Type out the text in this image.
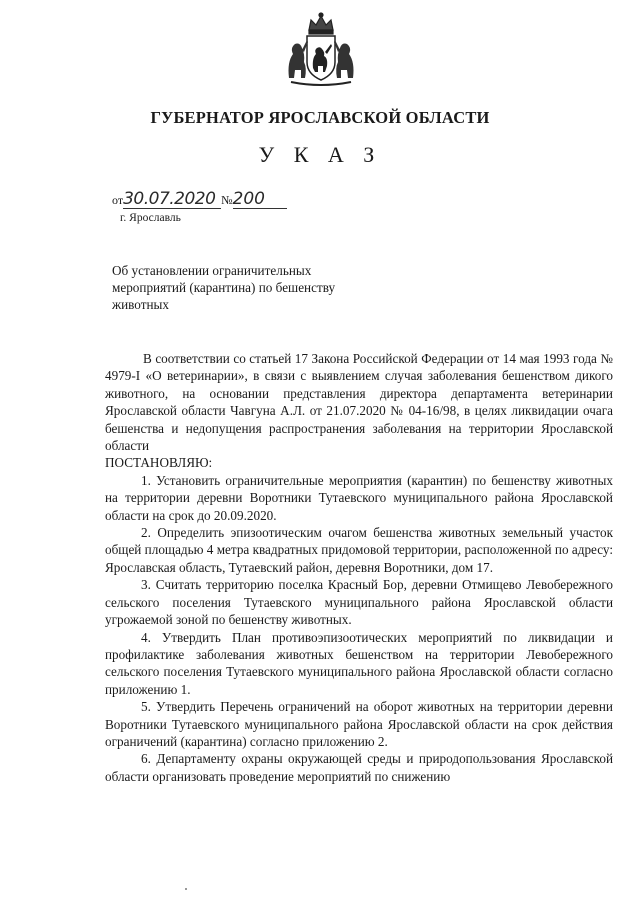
ГУБЕРНАТОР ЯРОСЛАВСКОЙ ОБЛАСТИ
У К А З
от30.07.2020 №200
г. Ярославль
Об установлении ограничительных мероприятий (карантина) по бешенству животных

В соответствии со статьей 17 Закона Российской Федерации от 14 мая 1993 года № 4979-I «О ветеринарии», в связи с выявлением случая заболевания бешенством дикого животного, на основании представления директора департамента ветеринарии Ярославской области Чавгуна А.Л. от 21.07.2020 № 04-16/98, в целях ликвидации очага бешенства и недопущения распространения заболевания на территории Ярославской области

ПОСТАНОВЛЯЮ:

1. Установить ограничительные мероприятия (карантин) по бешенству животных на территории деревни Воротники Тутаевского муниципального района Ярославской области на срок до 20.09.2020.

2. Определить эпизоотическим очагом бешенства животных земельный участок общей площадью 4 метра квадратных придомовой территории, расположенной по адресу: Ярославская область, Тутаевский район, деревня Воротники, дом 17.

3. Считать территорию поселка Красный Бор, деревни Отмищево Левобережного сельского поселения Тутаевского муниципального района Ярославской области угрожаемой зоной по бешенству животных.

4. Утвердить План противоэпизоотических мероприятий по ликвидации и профилактике заболевания животных бешенством на территории Левобережного сельского поселения Тутаевского муниципального района Ярославской области согласно приложению 1.

5. Утвердить Перечень ограничений на оборот животных на территории деревни Воротники Тутаевского муниципального района Ярославской области на срок действия ограничений (карантина) согласно приложению 2.

6. Департаменту охраны окружающей среды и природопользования Ярославской области организовать проведение мероприятий по снижению
